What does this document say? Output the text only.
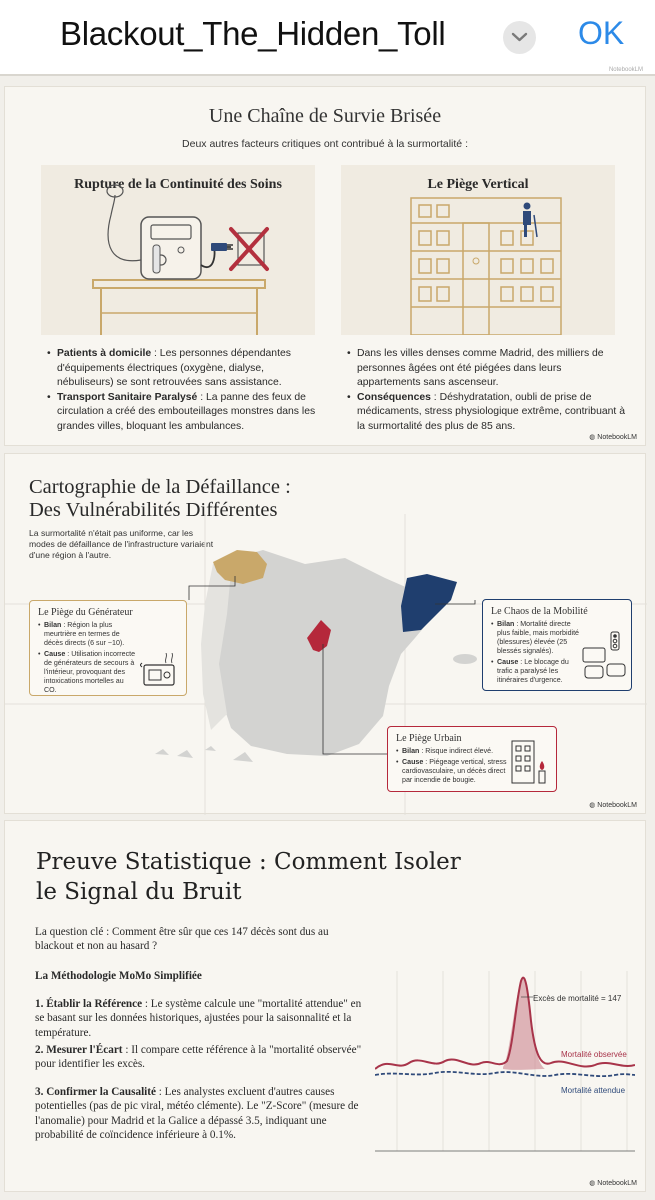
Blackout_The_Hidden_Toll	OK
NotebookLM
Une Chaîne de Survie Brisée
Deux autres facteurs critiques ont contribué à la surmortalité :
Rupture de la Continuité des Soins	Le Piège Vertical
• Patients à domicile : Les personnes dépendantes d'équipements électriques (oxygène, dialyse, nébuliseurs) se sont retrouvées sans assistance.
• Transport Sanitaire Paralysé : La panne des feux de circulation a créé des embouteillages monstres dans les grandes villes, bloquant les ambulances.
• Dans les villes denses comme Madrid, des milliers de personnes âgées ont été piégées dans leurs appartements sans ascenseur.
• Conséquences : Déshydratation, oubli de prise de médicaments, stress physiologique extrême, contribuant à la surmortalité des plus de 85 ans.
◍ NotebookLM
Cartographie de la Défaillance :
Des Vulnérabilités Différentes
La surmortalité n'était pas uniforme, car les modes de défaillance de l'infrastructure variaient d'une région à l'autre.
Le Piège du Générateur
• Bilan : Région la plus meurtrière en termes de décès directs (6 sur ~10).
• Cause : Utilisation incorrecte de générateurs de secours à l'intérieur, provoquant des intoxications mortelles au CO.
Le Chaos de la Mobilité
• Bilan : Mortalité directe plus faible, mais morbidité (blessures) élevée (25 blessés signalés).
• Cause : Le blocage du trafic a paralysé les itinéraires d'urgence.
Le Piège Urbain
• Bilan : Risque indirect élevé.
• Cause : Piégeage vertical, stress cardiovasculaire, un décès direct par incendie de bougie.
◍ NotebookLM
Preuve Statistique : Comment Isoler
le Signal du Bruit
La question clé : Comment être sûr que ces 147 décès sont dus au blackout et non au hasard ?
La Méthodologie MoMo Simplifiée
1. Établir la Référence : Le système calcule une "mortalité attendue" en se basant sur les données historiques, ajustées pour la saisonnalité et la température.
2. Mesurer l'Écart : Il compare cette référence à la "mortalité observée" pour identifier les excès.
3. Confirmer la Causalité : Les analystes excluent d'autres causes potentielles (pas de pic viral, météo clémente). Le "Z-Score" (mesure de l'anomalie) pour Madrid et la Galice a dépassé 3.5, indiquant une probabilité de coïncidence inférieure à 0.1%.
Excès de mortalité = 147
Mortalité observée
Mortalité attendue
◍ NotebookLM
